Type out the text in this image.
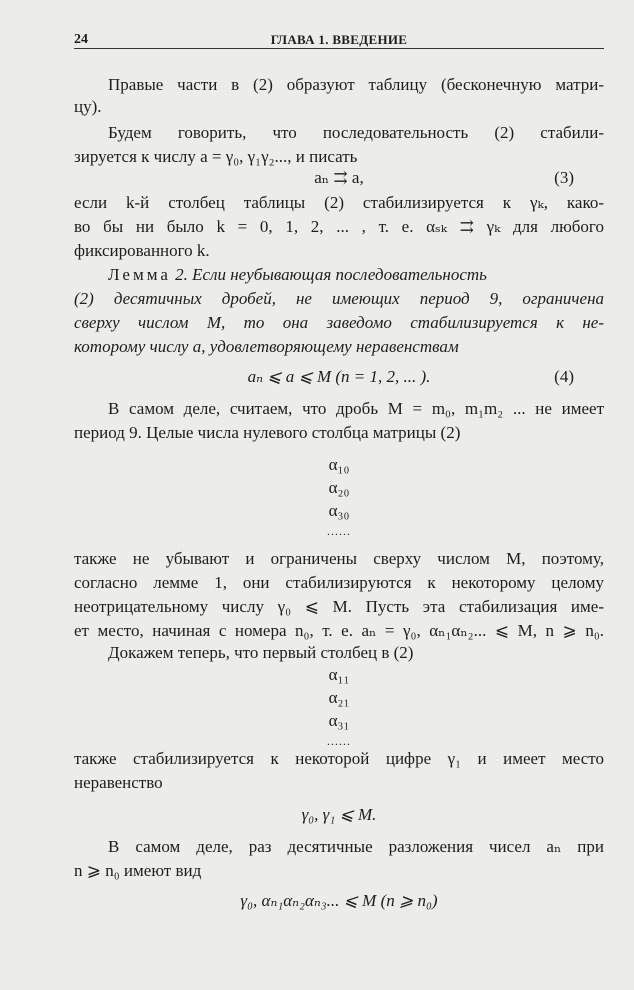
24	ГЛАВА 1. ВВЕДЕНИЕ
Правые части в (2) образуют таблицу (бесконечную матри-
цу).
Будем говорить, что последовательность (2) стабили-
зируется к числу a = γ₀, γ₁γ₂..., и писать
aₙ ⇉ a,	(3)
если k-й столбец таблицы (2) стабилизируется к γₖ, како-
во бы ни было k = 0, 1, 2, ... , т. е. αₛₖ ⇉ γₖ для любого
фиксированного k.
Лемма 2. Если неубывающая последовательность
(2) десятичных дробей, не имеющих период 9, ограничена
сверху числом M, то она заведомо стабилизируется к не-
которому числу a, удовлетворяющему неравенствам
aₙ ⩽ a ⩽ M (n = 1, 2, ... ).	(4)
В самом деле, считаем, что дробь M = m₀, m₁m₂ ... не имеет
период 9. Целые числа нулевого столбца матрицы (2)
α₁₀
α₂₀
α₃₀
......
также не убывают и ограничены сверху числом M, поэтому,
согласно лемме 1, они стабилизируются к некоторому целому
неотрицательному числу γ₀ ⩽ M. Пусть эта стабилизация име-
ет место, начиная с номера n₀, т. е. aₙ = γ₀, αₙ₁αₙ₂... ⩽ M, n ⩾ n₀.
Докажем теперь, что первый столбец в (2)
α₁₁
α₂₁
α₃₁
......
также стабилизируется к некоторой цифре γ₁ и имеет место
неравенство
γ₀, γ₁ ⩽ M.
В самом деле, раз десятичные разложения чисел aₙ при
n ⩾ n₀ имеют вид
γ₀, αₙ₁αₙ₂αₙ₃... ⩽ M (n ⩾ n₀)
